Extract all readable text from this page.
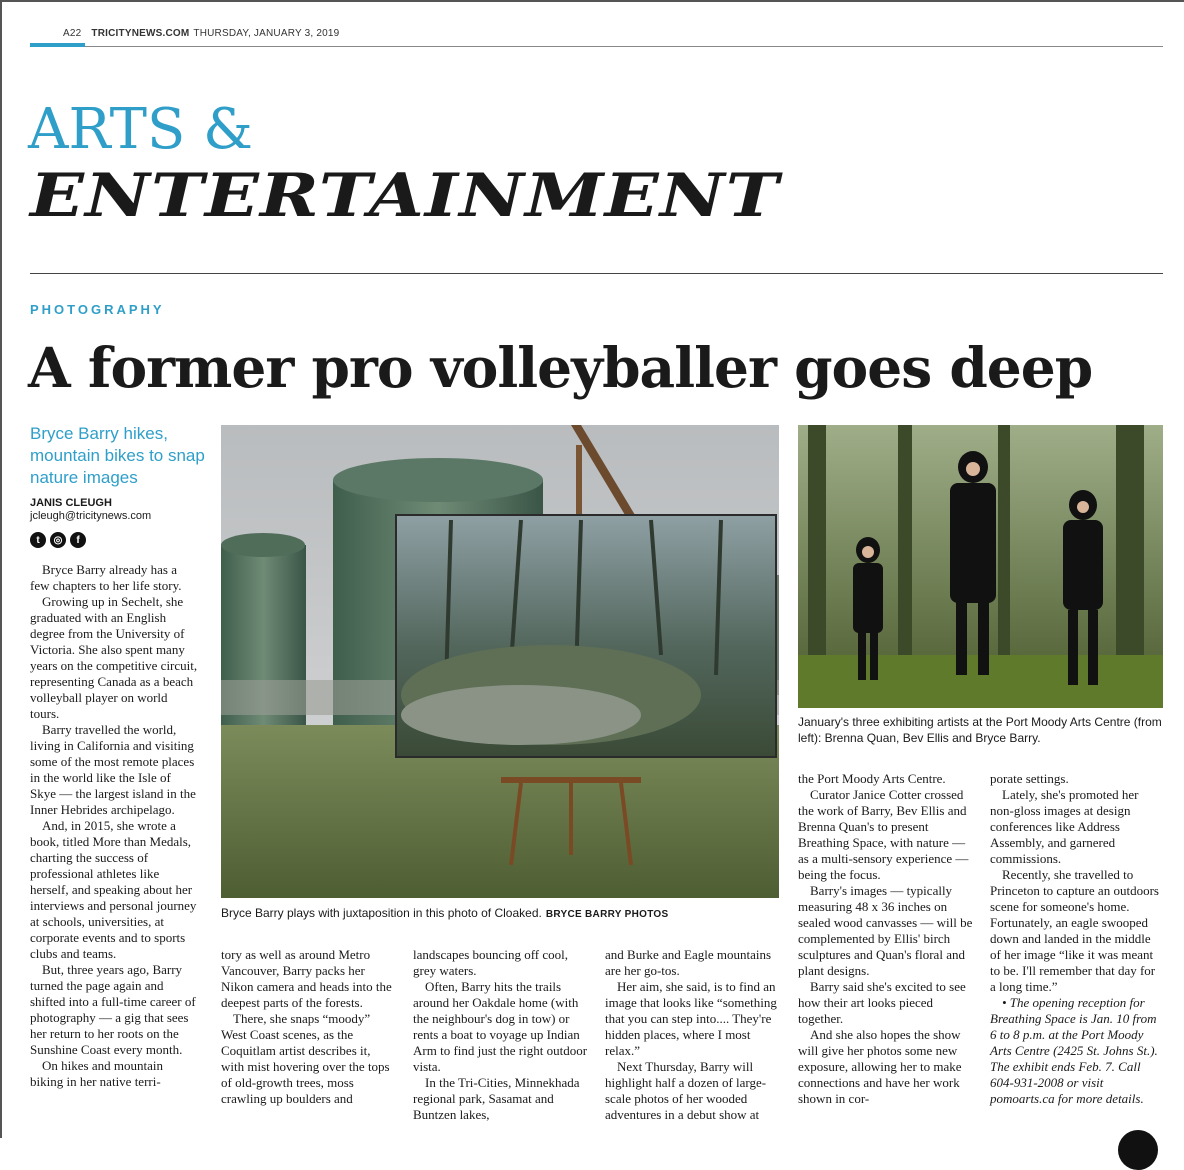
A22 TRICITYNEWS.COM THURSDAY, JANUARY 3, 2019
ARTS &
ENTERTAINMENT
PHOTOGRAPHY
A former pro volleyballer goes deep
Bryce Barry hikes, mountain bikes to snap nature images
JANIS CLEUGH
jcleugh@tricitynews.com
t	◎	f
Bryce Barry plays with juxtaposition in this photo of Cloaked. BRYCE BARRY PHOTOS
January's three exhibiting artists at the Port Moody Arts Centre (from left): Brenna Quan, Bev Ellis and Bryce Barry.

Bryce Barry already has a few chapters to her life story.

Growing up in Sechelt, she graduated with an English degree from the University of Victoria. She also spent many years on the competitive circuit, representing Canada as a beach volleyball player on world tours.

Barry travelled the world, living in California and visiting some of the most remote places in the world like the Isle of Skye — the largest island in the Inner Hebrides archipelago.

And, in 2015, she wrote a book, titled More than Medals, charting the success of professional athletes like herself, and speaking about her interviews and personal journey at schools, universities, at corporate events and to sports clubs and teams.

But, three years ago, Barry turned the page again and shifted into a full-time career of photography — a gig that sees her return to her roots on the Sunshine Coast every month.

On hikes and mountain biking in her native terri-

tory as well as around Metro Vancouver, Barry packs her Nikon camera and heads into the deepest parts of the forests.

There, she snaps “moody” West Coast scenes, as the Coquitlam artist describes it, with mist hovering over the tops of old-growth trees, moss crawling up boulders and

landscapes bouncing off cool, grey waters.

Often, Barry hits the trails around her Oakdale home (with the neighbour's dog in tow) or rents a boat to voyage up Indian Arm to find just the right outdoor vista.

In the Tri-Cities, Minnekhada regional park, Sasamat and Buntzen lakes,

and Burke and Eagle mountains are her go-tos.

Her aim, she said, is to find an image that looks like “something that you can step into.... They're hidden places, where I most relax.”

Next Thursday, Barry will highlight half a dozen of large-scale photos of her wooded adventures in a debut show at

the Port Moody Arts Centre.

Curator Janice Cotter crossed the work of Barry, Bev Ellis and Brenna Quan's to present Breathing Space, with nature — as a multi-sensory experience — being the focus.

Barry's images — typically measuring 48 x 36 inches on sealed wood canvasses — will be complemented by Ellis' birch sculptures and Quan's floral and plant designs.

Barry said she's excited to see how their art looks pieced together.

And she also hopes the show will give her photos some new exposure, allowing her to make connections and have her work shown in cor-

porate settings.

Lately, she's promoted her non-gloss images at design conferences like Address Assembly, and garnered commissions.

Recently, she travelled to Princeton to capture an outdoors scene for someone's home. Fortunately, an eagle swooped down and landed in the middle of her image “like it was meant to be. I'll remember that day for a long time.”

• The opening reception for Breathing Space is Jan. 10 from 6 to 8 p.m. at the Port Moody Arts Centre (2425 St. Johns St.). The exhibit ends Feb. 7. Call 604-931-2008 or visit pomoarts.ca for more details.
